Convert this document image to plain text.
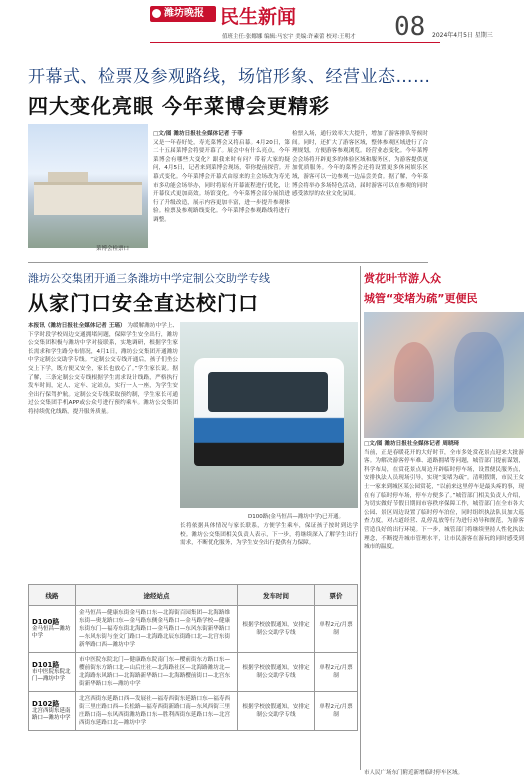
潍坊晚报 民生新闻
值班主任:张娜娜 编辑:马宏宇 美编:许素蕾 校对:王明才 08 2024年4月5日 星期三
开幕式、检票及参观路线，场馆形象、经营业态……
四大变化亮眼 今年菜博会更精彩
菜博会检票口
□文/图 潍坊日报社全媒体记者 于菲
又是一年春好处，寿光菜博会又将启幕。4月20日，第二十五届菜博会将要开幕了。展会中有什么亮点，今年菜博会有哪些大变化？跟我来时有问？带着大家的疑问，4月5日，记者来到菜博会现场，带你提前探营。开幕式变化。今年菜博会开幕式由原来的主会场改为寿光市多功能会场举办，同时将原有开幕流程进行优化，让开幕仪式更加高效。场馆变化。今年菜博会部分展馆进行了升级改造，展示内容更加丰富，进一步提升参观体验。检票及参观路线变化。今年菜博会参观路线将进行调整。
检票入场，通行效率大大提升，增加了游客排队等候时间。同时，还扩大了游客区域，整体参观区域进行了合理规划，方便游客参观浏览。经营业态变化。今年菜博会会场将开辟更多的体验区域和服务区，为游客提供更加优质服务。今年的菜博会还将设置更多休闲娱乐区域，游客可以一边参观一边品尝美食。据了解，今年菜博会将举办多场特色活动，届时游客可以在参观的同时感受浓厚的农业文化氛围。
赏花叶节游人众
城管“变堵为疏”更便民
□文/图 潍坊日报社全媒体记者 周晓琦
当前，正是春暖花开的大好时节，全市多处赏花景点迎来大批游客。为解决游客停车难、道路拥堵等问题，城管部门提前谋划，科学布局，在赏花景点周边开辟临时停车场，设置便民服务点，安排执法人员现场引导，实现“变堵为疏”。清明假期，市民王女士一家来到城区某公园赏花，“以前来这里停车是最头疼的事，现在有了临时停车场，停车方便多了。”城管部门相关负责人介绍，为切实做好节假日期间市容秩序保障工作，城管部门在全市各大公园、景区周边设置了临时停车泊位，同时组织执法队员加大巡查力度，对占道经营、乱停乱放等行为进行劝导和规范，为游客营造良好的出行环境。下一步，城管部门将继续坚持人性化执法理念，不断提升城市管理水平，让市民游客在游玩的同时感受到城市的温度。
市人民广场东门附近新增临时停车区域。
潍坊公交集团开通三条潍坊中学定制公交助学专线
从家门口安全直达校门口
本报讯（潍坊日报社全媒体记者 王瑶） 为缓解潍坊中学上、下学时段学校周边交通拥堵问题，保障学生安全出行，潍坊公交集团积极与潍坊中学对接联系，实地调研，根据学生家长需求和学生路分布情况，4月1日，潍坊公交集团开通潍坊中学定制公交助学专线。“定制公交专线开通后，孩子们坐公交上下学，既方便又安全，家长也放心了。”学生家长说。据了解，三条定制公交专线根据学生需求设计线路，严格执行发车时间，定人、定车、定站点，实行一人一座，为学生安全出行保驾护航。定制公交专线采取预约制，学生家长可通过公交集团手机APP或公众号进行预约乘车。潍坊公交集团将持续优化线路，提升服务质量。
D100路(金马恒昌—潍坊中学)已开通。
长将依据具体情况与家长联系，方便学生乘车，保证孩子按时到达学校。潍坊公交集团相关负责人表示，下一步，将继续深入了解学生出行需求，不断优化服务，为学生安全出行提供有力保障。
线路	途经站点	发车时间	票价
D100路
金马恒昌—潍坊中学	金马恒昌—健康东街金马路口东—北海街百园集团—北海路维东街—奥龙路口东—金马路东侧金马路口—金马路学校—健康东街东门—福寿东街北海路口—金马路口—东风东街新华路口—东风东街与奎文门路口—北海路北辰东街路口北—北宫东街新华路口西—潍坊中学	根据学校放假通知，安排定制公交助学专线	单程2元/月票制
D101路
市中医院东院北门—潍坊中学	市中医院东院北门—健康路东院南门东—樱前街东方路口东—樱前街东方路口北—山后庄社—北海路社区—北海路潍坊北—北海路东风路口—北海路新华路口—北海路樱前街口—北宫东街新华路口东—潍坊中学	根据学校放假通知，安排定制公交助学专线	单程2元/月票制
D102路
北宫西街东延南路口—潍坊中学	北宫西街东延路口西—发展社—福寿西街东延路口东—福寿西街三里庄路口西—长松路—福寿西街新路口南—东风西街三里庄路口南—东风西街潍坊路口东—胜利西街东延路口东—北宫西街东延路口北—潍坊中学	根据学校放假通知，安排定制公交助学专线	单程2元/月票制
